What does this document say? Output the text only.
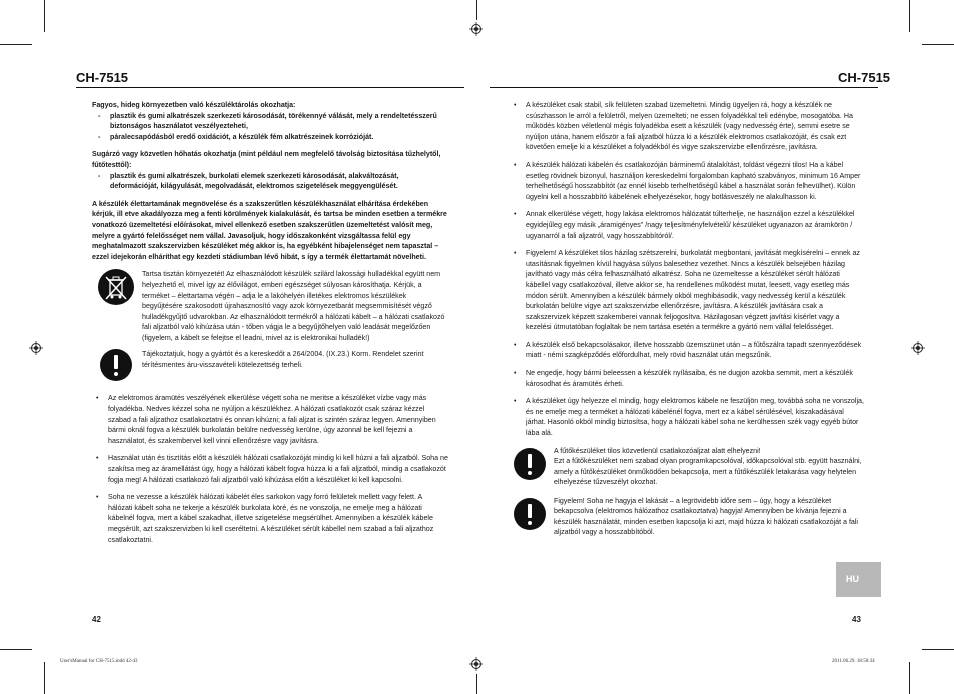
CH-7515	CH-7515
Fagyos, hideg környezetben való készüléktárolás okozhatja:
- plasztik és gumi alkatrészek szerkezeti károsodását, törékennyé válását, mely a rendeltetésszerű biztonságos használatot veszélyezteheti,
- páralecsapódásból eredő oxidációt, a készülék fém alkatrészeinek korrózióját.
Sugárzó vagy közvetlen hőhatás okozhatja (mint például nem megfelelő távolság biztosítása tűzhelytől, fűtőtesttől):
- plasztik és gumi alkatrészek, burkolati elemek szerkezeti károsodását, alakváltozását, deformációját, kilágyulását, megolvadását, elektromos szigetelések meggyengülését.
A készülék élettartamának megnövelése és a szakszerűtlen készülékhasználat elhárítása érdekében kérjük, ill etve akadályozza meg a fenti körülmények kialakulását, és tartsa be minden esetben a termékre vonatkozó üzemeltetési előírásokat, mivel ellenkező esetben szakszerűtlen üzemeltetést valósít meg, melyre a gyártó felelősséget nem vállal. Javasoljuk, hogy időszakonként vizsgáltassa felül egy meghatalmazott szakszervizben készüléket még akkor is, ha egyébként hibajelenséget nem tapasztal – ezzel idejekorán elháríthat egy kezdeti stádiumban lévő hibát, s így a termék élettartamát növelheti.
Tartsa tisztán környezetét! Az elhasználódott készülék szilárd lakossági hulladékkal együtt nem helyezhető el, mivel így az élővilágot, emberi egészséget súlyosan károsíthatja. Kérjük, a terméket – élettartama végén – adja le a lakóhelyén illetékes elektromos készülékek begyűjtésére szakosodott újrahasznosító vagy azok környezetbarát megsemmisítését végző hulladékgyűjtő udvarokban. Az elhasználódott termékről a hálózati kábelt – a hálózati csatlakozó fali aljzatból való kihúzása után - tőben vágja le a begyűjtőhelyen való leadását megelőzően (figyelem, a kábelt se felejtse el leadni, mivel az is elektronikai hulladék!)
Tájékoztatjuk, hogy a gyártót és a kereskedőt a 264/2004. (IX.23.) Korm. Rendelet szerint térítésmentes áru-visszavételi kötelezettség terheli.
• Az elektromos áramütés veszélyének elkerülése végett soha ne meritse a készüléket vízbe vagy más folyadékba. Nedves kézzel soha ne nyúljon a készülékhez. A hálózati csatlakozót csak száraz kézzel szabad a fali aljzathoz csatlakoztatni és onnan kihúzni; a fali aljzat is szintén száraz legyen. Amennyiben bármi oknál fogva a készülék burkolatán belülre nedvesség kerülne, úgy azonnal be kell fejezni a használatot, és szakembervel kell vinni ellenőrzésre vagy javításra.
• Használat után és tisztítás előtt a készülék hálózati csatlakozóját mindig ki kell húzni a fali aljzatból. Soha ne szakítsa meg az áramellátást úgy, hogy a hálózati kábelt fogva húzza ki a fali aljzatból, mindig a csatlakozót fogja meg! A hálózati csatlakozó fali aljzatból való kihúzása előtt a készüléket ki kell kapcsolni.
• Soha ne vezesse a készülék hálózati kábelét éles sarkokon vagy forró felületek mellett vagy felett. A hálózati kábelt soha ne tekerje a készülék burkolata köré, és ne vonszolja, ne emelje meg a hálózati kábelnél fogva, mert a kábel szakadhat, illetve szigetelése megsérülhet. Amennyiben a készülék kábele megsérült, azt szakszervizben ki kell cseréltetni. A készüléket sérült kábellel nem szabad a fali aljzathoz csatlakoztatni.
42
• A készüléket csak stabil, sík felületen szabad üzemeltetni. Mindig ügyeljen rá, hogy a készülék ne csúszhasson le arról a felületről, melyen üzemelteti; ne essen folyadékkal teli edénybe, mosogatóba. Ha működés közben véletlenül mégis folyadékba esett a készülék (vagy nedvesség érte), semmi esetre se nyúljon utána, hanem először a fali aljzatból húzza ki a készülék elektromos csatlakozóját, és csak ezt követően emelje ki a készüléket a folyadékból és vigye szakszervizbe ellenőrzésre, javításra.
• A készülék hálózati kábelén és csatlakozóján bárminemű átalakítást, toldást végezni tilos! Ha a kábel esetleg rövidnek bizonyul, használjon kereskedelmi forgalomban kapható szabványos, minimum 16 Amper terhelhetőségű hosszabbítót (az ennél kisebb terhelhetőségű kábel a használat során felhevülhet). Külön ügyelni kell a hosszabbító kábelének elhelyezésekor, hogy botlásveszély ne alakulhasson ki.
• Annak elkerülése végett, hogy lakása elektromos hálózatát túlterhelje, ne használjon ezzel a készülékkel egyidejűleg egy másik „áramigényes" /nagy teljesítményfelvételű/ készüléket ugyanazon az áramkörön / ugyanarról a fali aljzatról, vagy hosszabbítóról/.
• Figyelem! A készüléket tilos házilag szétszerelni, burkolatát megbontani, javítását megkísérelni – ennek az utasításnak figyelmen kívül hagyása súlyos balesethez vezethet. Nincs a készülék belsejében házilag javítható vagy más célra felhasználható alkatrész. Soha ne üzemeltesse a készüléket sérült hálózati kábellel vagy csatlakozóval, illetve akkor se, ha rendellenes működést mutat, leesett, vagy esetleg más módon sérült. Amennyiben a készülék bármely okból meghibásodik, vagy nedvesség kerül a készülék burkolatán belülre vigye azt szakszervizbe ellenőrzésre, javításra. A készülék javítására csak a szakszervizek képzett szakemberei vannak feljogosítva. Házilagosan végzett javítási kísérlet vagy a kezelési útmutatóban foglaltak be nem tartása esetén a termékre a gyártó nem vállal felelősséget.
• A készülék első bekapcsolásakor, illetve hosszabb üzemszünet után – a fűtőszálra tapadt szennyeződések miatt - némi szagképződés előfordulhat, mely rövid használat után megszűnik.
• Ne engedje, hogy bármi beleessen a készülék nyílásaiba, és ne dugjon azokba semmit, mert a készülék károsodhat és áramütés érheti.
• A készüléket úgy helyezze el mindig, hogy elektromos kábele ne feszüljön meg, továbbá soha ne vonszolja, és ne emelje meg a terméket a hálózati kábelénél fogva, mert ez a kábel sérülésével, kiszakadásával járhat. Hasonló okból mindig biztosítsa, hogy a hálózati kábel soha ne kerülhessen szék vagy egyéb bútor lába alá.
A fűtőkészüléket tilos közvetlenül csatlakozóaljzat alatt elhelyezni!
Ezt a fűtőkészüléket nem szabad olyan programkapcsolóval, időkapcsolóval stb. együtt használni, amely a fűtőkészüléket önműködően bekapcsolja, mert a fűtőkészülék letakarása vagy helytelen elhelyezése tűzveszélyt okozhat.
Figyelem! Soha ne hagyja el lakását – a legrövidebb időre sem – úgy, hogy a készüléket bekapcsolva (elektromos hálózathoz csatlakoztatva) hagyja! Amennyiben be kívánja fejezni a készülék használatát, minden esetben kapcsolja ki azt, majd húzza ki hálózati csatlakozóját a fali aljzatból vagy a hosszabbítóból.
HU
43
User'sManual for CH-7515.indd 42-43	2011.06.29. 18:50:34
